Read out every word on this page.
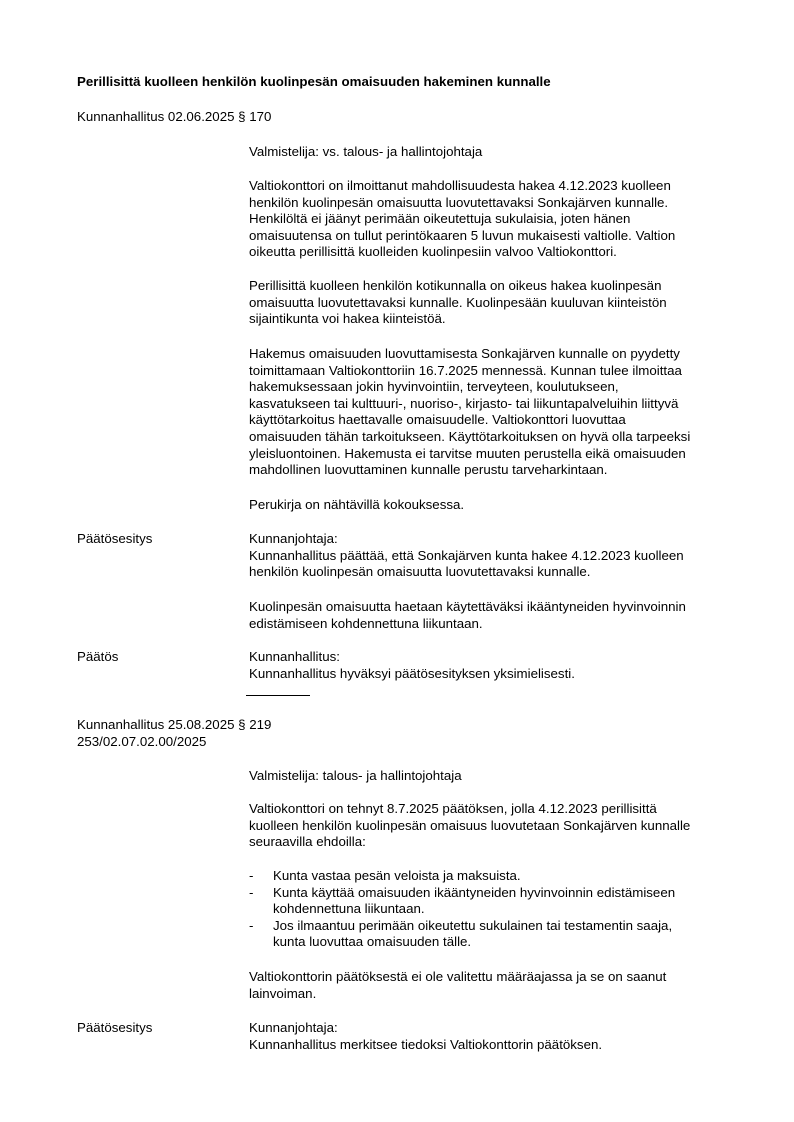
Perillisittä kuolleen henkilön kuolinpesän omaisuuden hakeminen kunnalle

Kunnanhallitus 02.06.2025 § 170

Valmistelija: vs. talous- ja hallintojohtaja

Valtiokonttori on ilmoittanut mahdollisuudesta hakea 4.12.2023 kuolleen

henkilön kuolinpesän omaisuutta luovutettavaksi Sonkajärven kunnalle.

Henkilöltä ei jäänyt perimään oikeutettuja sukulaisia, joten hänen

omaisuutensa on tullut perintökaaren 5 luvun mukaisesti valtiolle. Valtion

oikeutta perillisittä kuolleiden kuolinpesiin valvoo Valtiokonttori.

Perillisittä kuolleen henkilön kotikunnalla on oikeus hakea kuolinpesän

omaisuutta luovutettavaksi kunnalle. Kuolinpesään kuuluvan kiinteistön

sijaintikunta voi hakea kiinteistöä.

Hakemus omaisuuden luovuttamisesta Sonkajärven kunnalle on pyydetty

toimittamaan Valtiokonttoriin 16.7.2025 mennessä. Kunnan tulee ilmoittaa

hakemuksessaan jokin hyvinvointiin, terveyteen, koulutukseen,

kasvatukseen tai kulttuuri-, nuoriso-, kirjasto- tai liikuntapalveluihin liittyvä

käyttötarkoitus haettavalle omaisuudelle. Valtiokonttori luovuttaa

omaisuuden tähän tarkoitukseen. Käyttötarkoituksen on hyvä olla tarpeeksi

yleisluontoinen. Hakemusta ei tarvitse muuten perustella eikä omaisuuden

mahdollinen luovuttaminen kunnalle perustu tarveharkintaan.

Perukirja on nähtävillä kokouksessa.

Päätösesitys	Kunnanjohtaja:

Kunnanhallitus päättää, että Sonkajärven kunta hakee 4.12.2023 kuolleen

henkilön kuolinpesän omaisuutta luovutettavaksi kunnalle.

Kuolinpesän omaisuutta haetaan käytettäväksi ikääntyneiden hyvinvoinnin

edistämiseen kohdennettuna liikuntaan.

Päätös	Kunnanhallitus:

Kunnanhallitus hyväksyi päätösesityksen yksimielisesti.

Kunnanhallitus 25.08.2025 § 219

253/02.07.02.00/2025

Valmistelija: talous- ja hallintojohtaja

Valtiokonttori on tehnyt 8.7.2025 päätöksen, jolla 4.12.2023 perillisittä

kuolleen henkilön kuolinpesän omaisuus luovutetaan Sonkajärven kunnalle

seuraavilla ehdoilla:

- Kunta vastaa pesän veloista ja maksuista.

- Kunta käyttää omaisuuden ikääntyneiden hyvinvoinnin edistämiseen

kohdennettuna liikuntaan.

- Jos ilmaantuu perimään oikeutettu sukulainen tai testamentin saaja,

kunta luovuttaa omaisuuden tälle.

Valtiokonttorin päätöksestä ei ole valitettu määräajassa ja se on saanut

lainvoiman.

Päätösesitys	Kunnanjohtaja:

Kunnanhallitus merkitsee tiedoksi Valtiokonttorin päätöksen.
